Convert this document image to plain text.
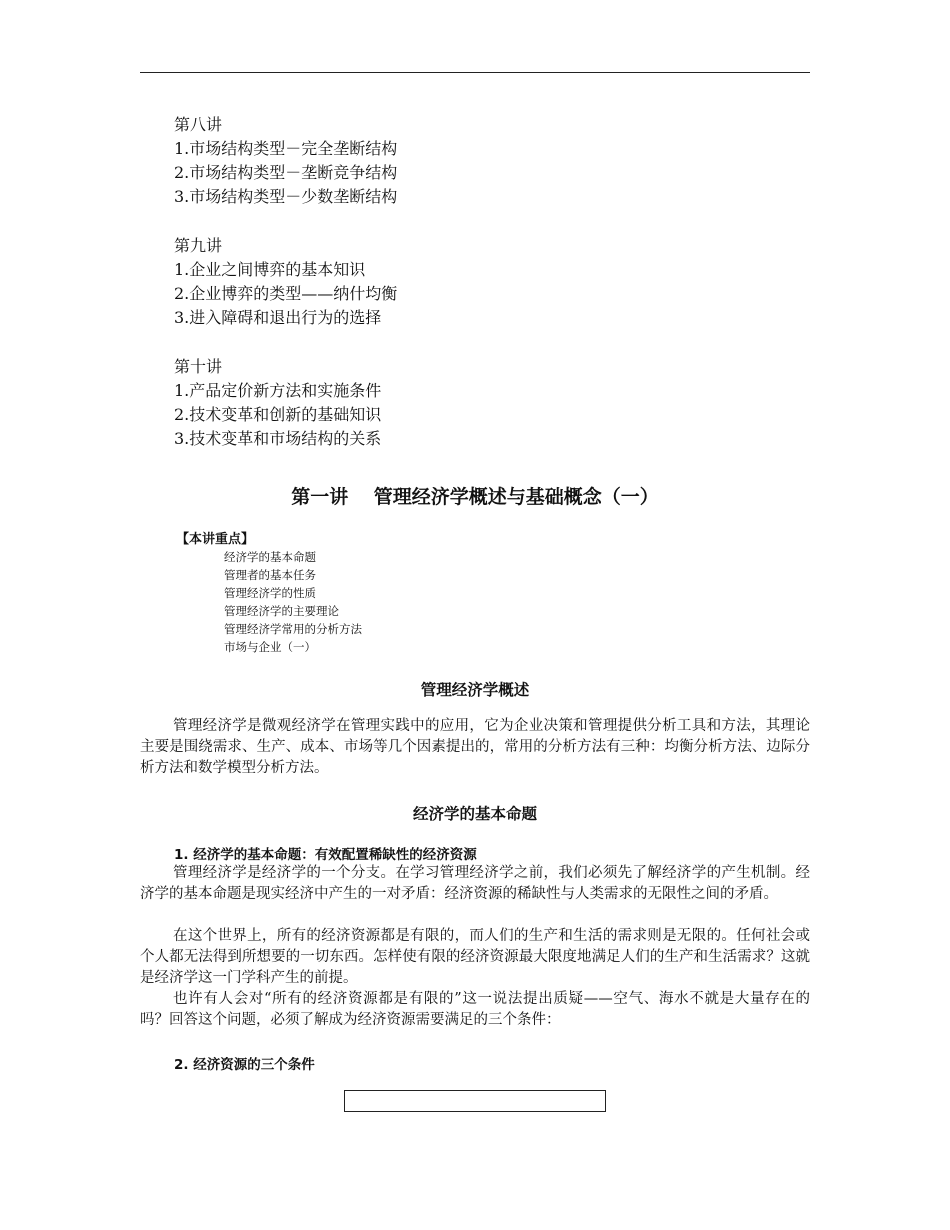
第八讲
1.市场结构类型－完全垄断结构
2.市场结构类型－垄断竞争结构
3.市场结构类型－少数垄断结构
第九讲
1.企业之间博弈的基本知识
2.企业博弈的类型——纳什均衡
3.进入障碍和退出行为的选择
第十讲
1.产品定价新方法和实施条件
2.技术变革和创新的基础知识
3.技术变革和市场结构的关系
第一讲　 管理经济学概述与基础概念（一）
【本讲重点】
经济学的基本命题
管理者的基本任务
管理经济学的性质
管理经济学的主要理论
管理经济学常用的分析方法
市场与企业（一）
管理经济学概述
管理经济学是微观经济学在管理实践中的应用，它为企业决策和管理提供分析工具和方法，其理论主要是围绕需求、生产、成本、市场等几个因素提出的，常用的分析方法有三种：均衡分析方法、边际分析方法和数学模型分析方法。
经济学的基本命题
1. 经济学的基本命题：有效配置稀缺性的经济资源
管理经济学是经济学的一个分支。在学习管理经济学之前，我们必须先了解经济学的产生机制。经济学的基本命题是现实经济中产生的一对矛盾：经济资源的稀缺性与人类需求的无限性之间的矛盾。
在这个世界上，所有的经济资源都是有限的，而人们的生产和生活的需求则是无限的。任何社会或个人都无法得到所想要的一切东西。怎样使有限的经济资源最大限度地满足人们的生产和生活需求？这就是经济学这一门学科产生的前提。
也许有人会对“所有的经济资源都是有限的”这一说法提出质疑——空气、海水不就是大量存在的吗？回答这个问题，必须了解成为经济资源需要满足的三个条件：
2. 经济资源的三个条件
